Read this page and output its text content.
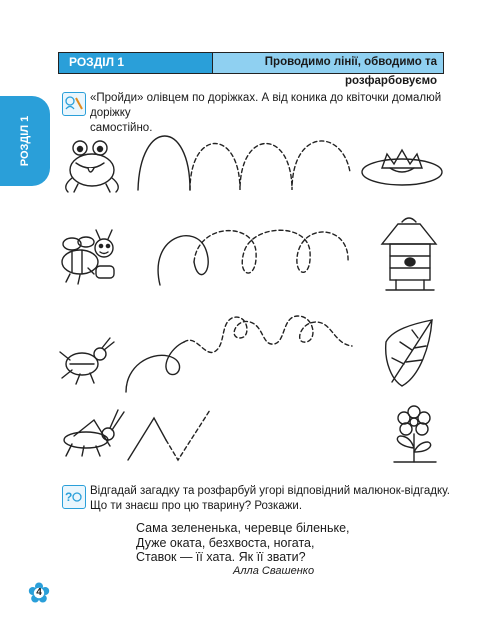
РОЗДІЛ 1	Проводимо лінії, обводимо та розфарбовуємо
РОЗДІЛ 1
«Пройди» олівцем по доріжках. А від коника до квіточки домалюй доріжку
самостійно.
? Відгадай загадку та розфарбуй угорі відповідний малюнок-відгадку.
Що ти знаєш про цю тварину? Розкажи.
Сама зелененька, черевце біленьке,
Дуже оката, безхвоста, ногата,
Ставок — її хата. Як її звати?
Алла Свашенко
4
